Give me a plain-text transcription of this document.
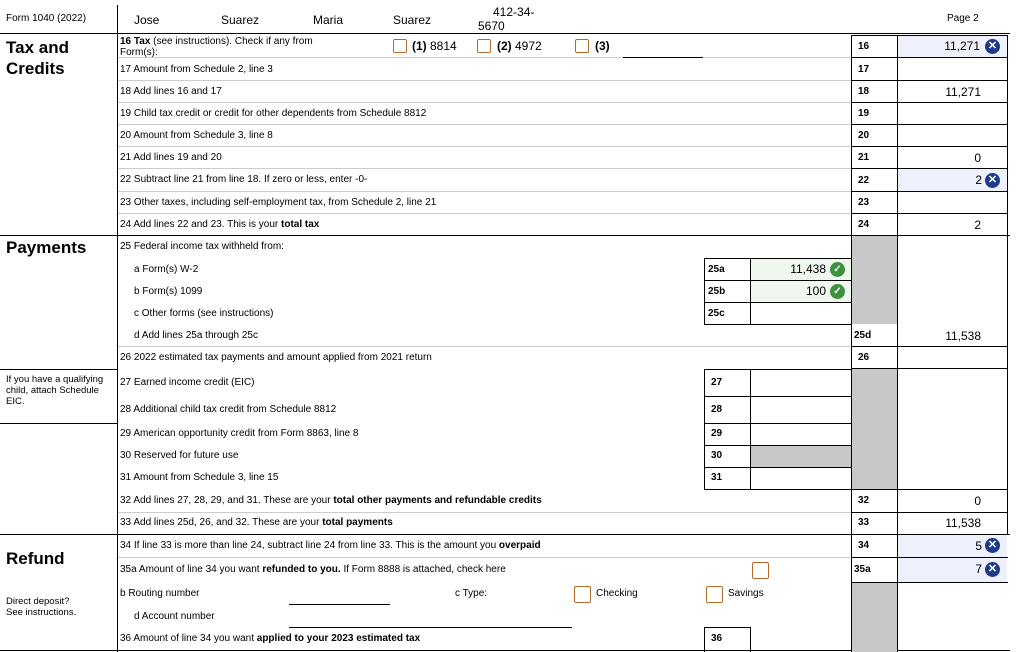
Form 1040 (2022)	Jose	Suarez	Maria	Suarez
412-34-
5670
Page 2
Tax and
Credits
Payments
If you have a qualifying child, attach Schedule EIC.
Refund
Direct deposit?
See instructions.
16 Tax (see instructions). Check if any from
Form(s):	(1) 8814	(2) 4972	(3)	16	11,271 ✕
17 Amount from Schedule 2, line 3	17
18 Add lines 16 and 17	18	11,271
19 Child tax credit or credit for other dependents from Schedule 8812	19
20 Amount from Schedule 3, line 8	20
21 Add lines 19 and 20	21	0
22 Subtract line 21 from line 18. If zero or less, enter -0-	22	2 ✕
23 Other taxes, including self-employment tax, from Schedule 2, line 21	23
24 Add lines 22 and 23. This is your total tax	24	2
25 Federal income tax withheld from:
a Form(s) W-2	25a	11,438 ✓
b Form(s) 1099	25b	100 ✓
c Other forms (see instructions)	25c
d Add lines 25a through 25c	25d	11,538
26 2022 estimated tax payments and amount applied from 2021 return	26
27 Earned income credit (EIC)	27
28 Additional child tax credit from Schedule 8812	28
29 American opportunity credit from Form 8863, line 8	29
30 Reserved for future use	30
31 Amount from Schedule 3, line 15	31
32 Add lines 27, 28, 29, and 31. These are your total other payments and refundable credits	32	0
33 Add lines 25d, 26, and 32. These are your total payments	33	11,538
34 If line 33 is more than line 24, subtract line 24 from line 33. This is the amount you overpaid	34	5 ✕
35a Amount of line 34 you want refunded to you. If Form 8888 is attached, check here	35a	7 ✕
b Routing number	c Type:	Checking	Savings
d Account number
36 Amount of line 34 you want applied to your 2023 estimated tax	36
